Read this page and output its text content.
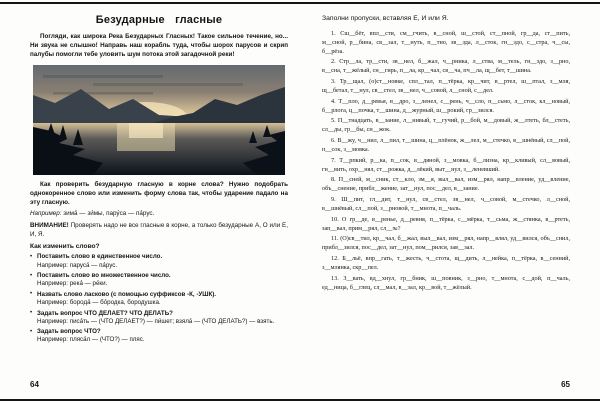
Безударные гласные

Погляди, как широка Река Безударных Гласных! Такое сильное течение, но... Ни звука не слышно! Направь наш корабль туда, чтобы шорох парусов и скрип палубы помогли тебе уловить шум потока этой загадочной реки!

Как проверить безударную гласную в корне слова? Нужно подобрать однокоренное слово или изменить форму слова так, чтобы ударение падало на эту гласную.

Например: зима́ — зи́мы, пару́са — па́рус.

ВНИМАНИЕ! Проверять надо не все гласные в корне, а только безударные А, О или Е, И, Я.

Как изменить слово?
• Поставить слово в единственное число.
Например: паруса́ — па́рус.
• Поставить слово во множественное число.
Например: река́ — ре́ки.
• Назвать слово ласково (с помощью суффиксов -К, -УШК).
Например: борода́ — бо́родка, бородушка.
• Задать вопрос ЧТО ДЕЛАЕТ? ЧТО ДЕЛАТЬ?
Например: писа́ть — (ЧТО ДЕЛАЕТ?) — пи́шет; взяла́ — (ЧТО ДЕЛАТЬ?) — взять.
• Задать вопрос ЧТО?
Например: пляса́л — (ЧТО?) — пляс.
64

Заполни пропуски, вставляя Е, И или Я.

1. Сш__бёт, впл__сти, см__гчить, в__сной, ш__стой, ст__пной, гр__да, ст__пить, м__сной, р__бина, св__зал, т__нуть, п__тно, зв__зда, л__сток, гн__здо, с__стра, ч__сы, б__рёза.

2. Стр__ла, тр__сти, зв__нел, б__жал, ч__рника, л__ства, м__тель, гн__здо, з__рно, в__сна, т__жёлый, сн__гирь, п__ла, кр__чал, св__ча, пч__ла, щ__бет, т__шина.

3. Тр__щал, (о)ст__новке, спл__тал, п__тёрка, кр__чит, в__ртел, ш__птал, з__мля, щ__бетал, т__нул, св__стел, зв__нел, ч__совой, л__сной, с__дел.

4. Т__пло, д__ревья, в__дро, з__ленел, с__рень, ч__сло, п__сьмо, л__сток, кл__новый, б__рлога, ц__почка, т__шина, д__журный, ш__рокий, гр__зился.

5. П__тнадцать, в__зание, л__нивый, т__гучий, р__бой, м__довый, ж__лтеть, бл__стеть, сл__ды, гр__бы, сн__жок.

6. В__жу, ч__нил, л__пил, т__шина, ц__плёнок, ж__лел, м__стечко, в__шнёвый, сл__пой, п__сок, з__мовка.

7. Т__рпкий, р__ка, п__сок, в__дяной, з__мовка, б__лизна, кр__кливый, сл__вовый, гн__вить, охр__нял, ст__рожка, д__лёкий, выт__нул, з__леневший.

8. П__сней, м__сник, ст__кло, зм__я, выл__вал, изм__рял, напр__вление, уд__вление, объ__снение, прибл__жение, зат__нул, пос__дел, в__зание.

9. Ш__пит, гл__дит, т__нул, св__стел, зв__нел, ч__совой, м__стечко, л__сной, в__шнёвый, сл__пой, з__рновой, т__мнота, п__чаль.

10. О гр__де, в__ренье, д__ревня, п__тёрка, с__мёрка, т__сьма, ж__стянка, в__ртеть, зап__вал, прим__рял, сл__ங?

11. (О)св__тил, кр__чал, б__жал, выл__вал, изм__рял, напр__влял, уд__вился, объ__снил, прибл__зился, пос__дел, зат__нул, пом__рился, зав__зал.

12. Б__льё, впр__гать, т__жесть, ч__стота, щ__дить, л__нейка, п__тёрка, в__сенний, з__млянка, скр__пел.

13. З__вать, вд__хнул, гр__бник, ш__повник, з__рно, т__мнота, с__дой, п__чаль, ед__ница, б__глец, сл__мал, в__зал, кр__вой, т__жёлый.

65
